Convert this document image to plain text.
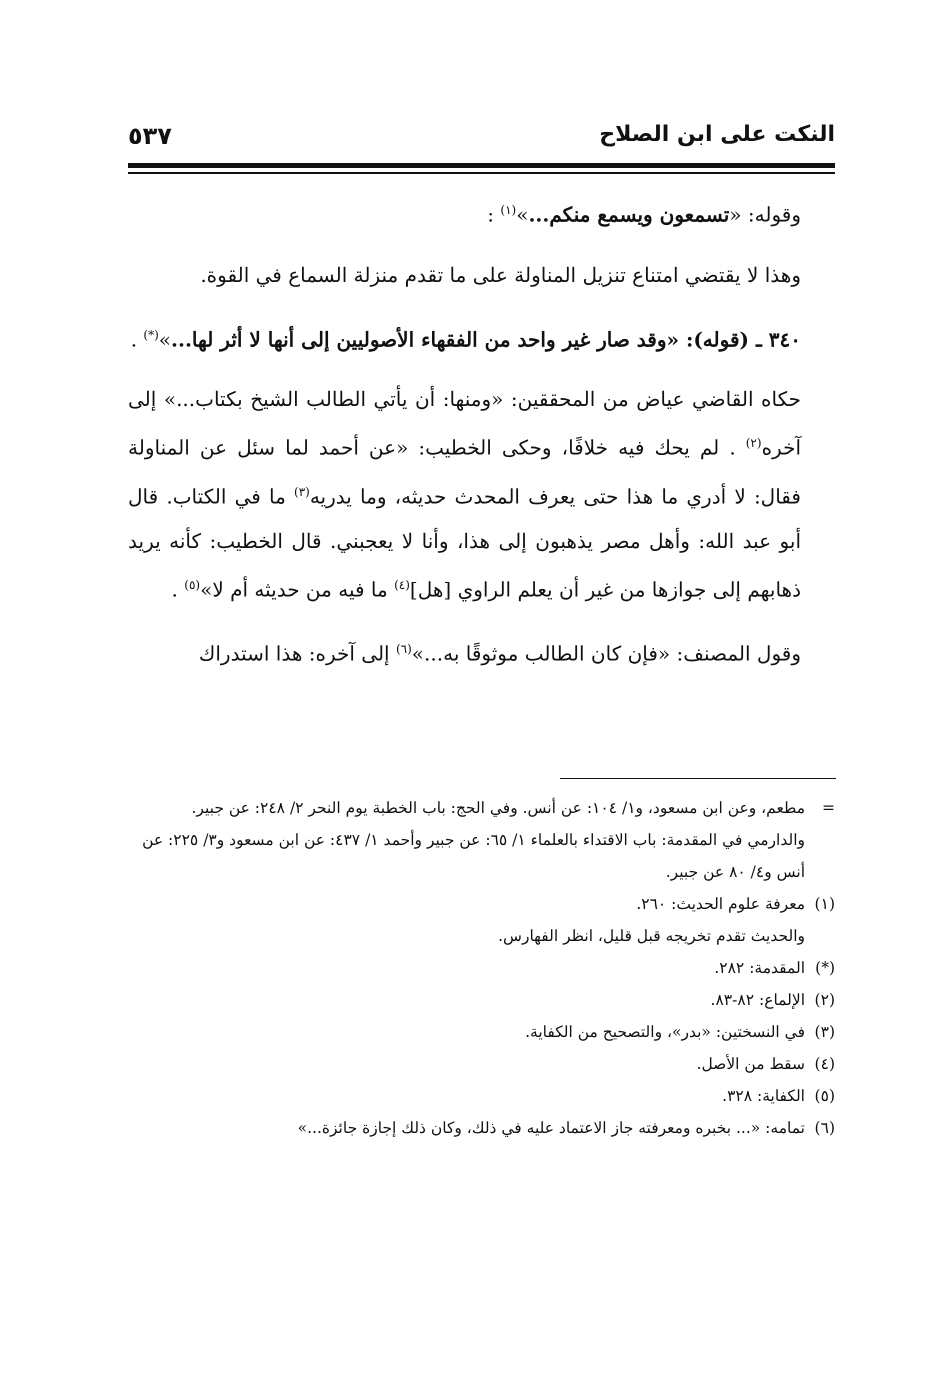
النكت على ابن الصلاح
٥٣٧

وقوله: «تسمعون ويسمع منكم...»$^{(١)}$ :

وهذا لا يقتضي امتناع تنزيل المناولة على ما تقدم منزلة السماع في القوة.

٣٤٠ ـ (قوله): «وقد صار غير واحد من الفقهاء الأصوليين إلى أنها لا أثر لها...»(*) .

حكاه القاضي عياض من المحققين: «ومنها: أن يأتي الطالب الشيخ بكتاب...» إلى آخره$^{(٢)}$ . لم يحك فيه خلافًا، وحكى الخطيب: «عن أحمد لما سئل عن المناولة فقال: لا أدري ما هذا حتى يعرف المحدث حديثه، وما يدريه$^{(٣)}$ ما في الكتاب. قال أبو عبد الله: وأهل مصر يذهبون إلى هذا، وأنا لا يعجبني. قال الخطيب: كأنه يريد ذهابهم إلى جوازها من غير أن يعلم الراوي [هل]$^{(٤)}$ ما فيه من حديثه أم لا»$^{(٥)}$ .

وقول المصنف: «فإن كان الطالب موثوقًا به...»$^{(٦)}$ إلى آخره: هذا استدراك

=
مطعم، وعن ابن مسعود، و١/ ١٠٤: عن أنس. وفي الحج: باب الخطبة يوم النحر ٢/ ٢٤٨: عن جبير.

والدارمي في المقدمة: باب الاقتداء بالعلماء ١/ ٦٥: عن جبير وأحمد ١/ ٤٣٧: عن ابن مسعود و٣/ ٢٢٥: عن أنس و٤/ ٨٠ عن جبير.

(١)
معرفة علوم الحديث: ٢٦٠.

والحديث تقدم تخريجه قبل قليل، انظر الفهارس.

(*)
المقدمة: ٢٨٢.

(٢)
الإلماع: ٨٢-٨٣.

(٣)
في النسختين: «بدر»، والتصحيح من الكفاية.

(٤)
سقط من الأصل.

(٥)
الكفاية: ٣٢٨.

(٦)
تمامه: «... بخبره ومعرفته جاز الاعتماد عليه في ذلك، وكان ذلك إجازة جائزة...»
